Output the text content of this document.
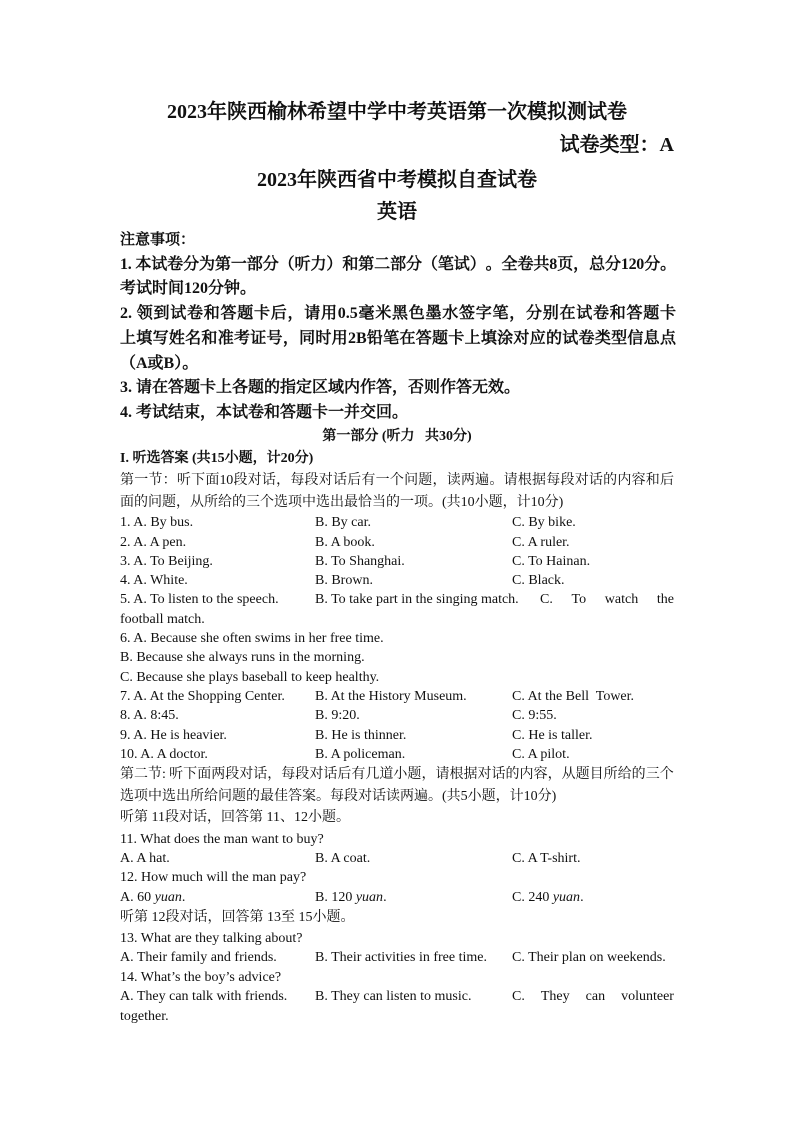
2023年陕西榆林希望中学中考英语第一次模拟测试卷
试卷类型：A
2023年陕西省中考模拟自查试卷
英语
注意事项：
1. 本 试 卷 分 为 第 一 部 分 （ 听 力 ） 和 第 二 部 分 （ 笔 试 ） 。 全 卷 共 8 页 ， 总 分 120 分 。
考试时间120分钟。
2. 领 到 试 卷 和 答 题 卡 后 ， 请 用 0.5 毫 米 黑 色 墨 水 签 字 笔 ， 分 别 在 试 卷 和 答 题 卡
上 填 写 姓 名 和 准 考 证 号 ， 同 时 用 2B 铅 笔 在 答 题 卡 上 填 涂 对 应 的 试 卷 类 型 信 息 点
（A或B）。
3. 请在答题卡上各题的指定区域内作答，否则作答无效。
4. 考试结束，本试卷和答题卡一并交回。
第一部分 (听力   共30分)
I. 听选答案 (共15小题，计20分)
第 一 节 ： 听 下 面 10 段 对 话 ， 每 段 对 话 后 有 一 个 问 题 ， 读 两 遍 。 请 根 据 每 段 对 话 的 内 容 和 后
面的问题，从所给的三个选项中选出最恰当的一项。(共10小题，计10分)
1. A. By bus.	B. By car.	C. By bike.
2. A. A pen.	B. A book.	C. A ruler.
3. A. To Beijing.	B. To Shanghai.	C. To Hainan.
4. A. White.	B. Brown.	C. Black.
5. A. To listen to the speech.	B. To take part in the singing match. C. To watch the
football match.
6. A. Because she often swims in her free time.
B. Because she always runs in the morning.
C. Because she plays baseball to keep healthy.
7. A. At the Shopping Center. B. At the History Museum.	C. At the Bell  Tower.
8. A. 8:45.	B. 9:20.	C. 9:55.
9. A. He is heavier.	B. He is thinner.	C. He is taller.
10. A. A doctor.	B. A policeman.	C. A pilot.
第 二 节 : 听 下 面 两 段 对 话 ， 每 段 对 话 后 有 几 道 小 题 ， 请 根 据 对 话 的 内 容 ， 从 题 目 所 给 的 三 个
选项中选出所给问题的最佳答案。每段对话读两遍。(共5小题，计10分)
听第 11段对话，回答第 11、12小题。
11. What does the man want to buy?
A. A hat.	B. A coat.	C. A T-shirt.
12. How much will the man pay?
A. 60 yuan.	B. 120 yuan.	C. 240 yuan.
听第 12段对话，回答第 13至 15小题。
13. What are they talking about?
A. Their family and friends.	B. Their activities in free time. C. Their plan on weekends.
14. What’s the boy’s advice?
A. They can talk with friends. B. They can listen to music.	C. They can volunteer
together.
